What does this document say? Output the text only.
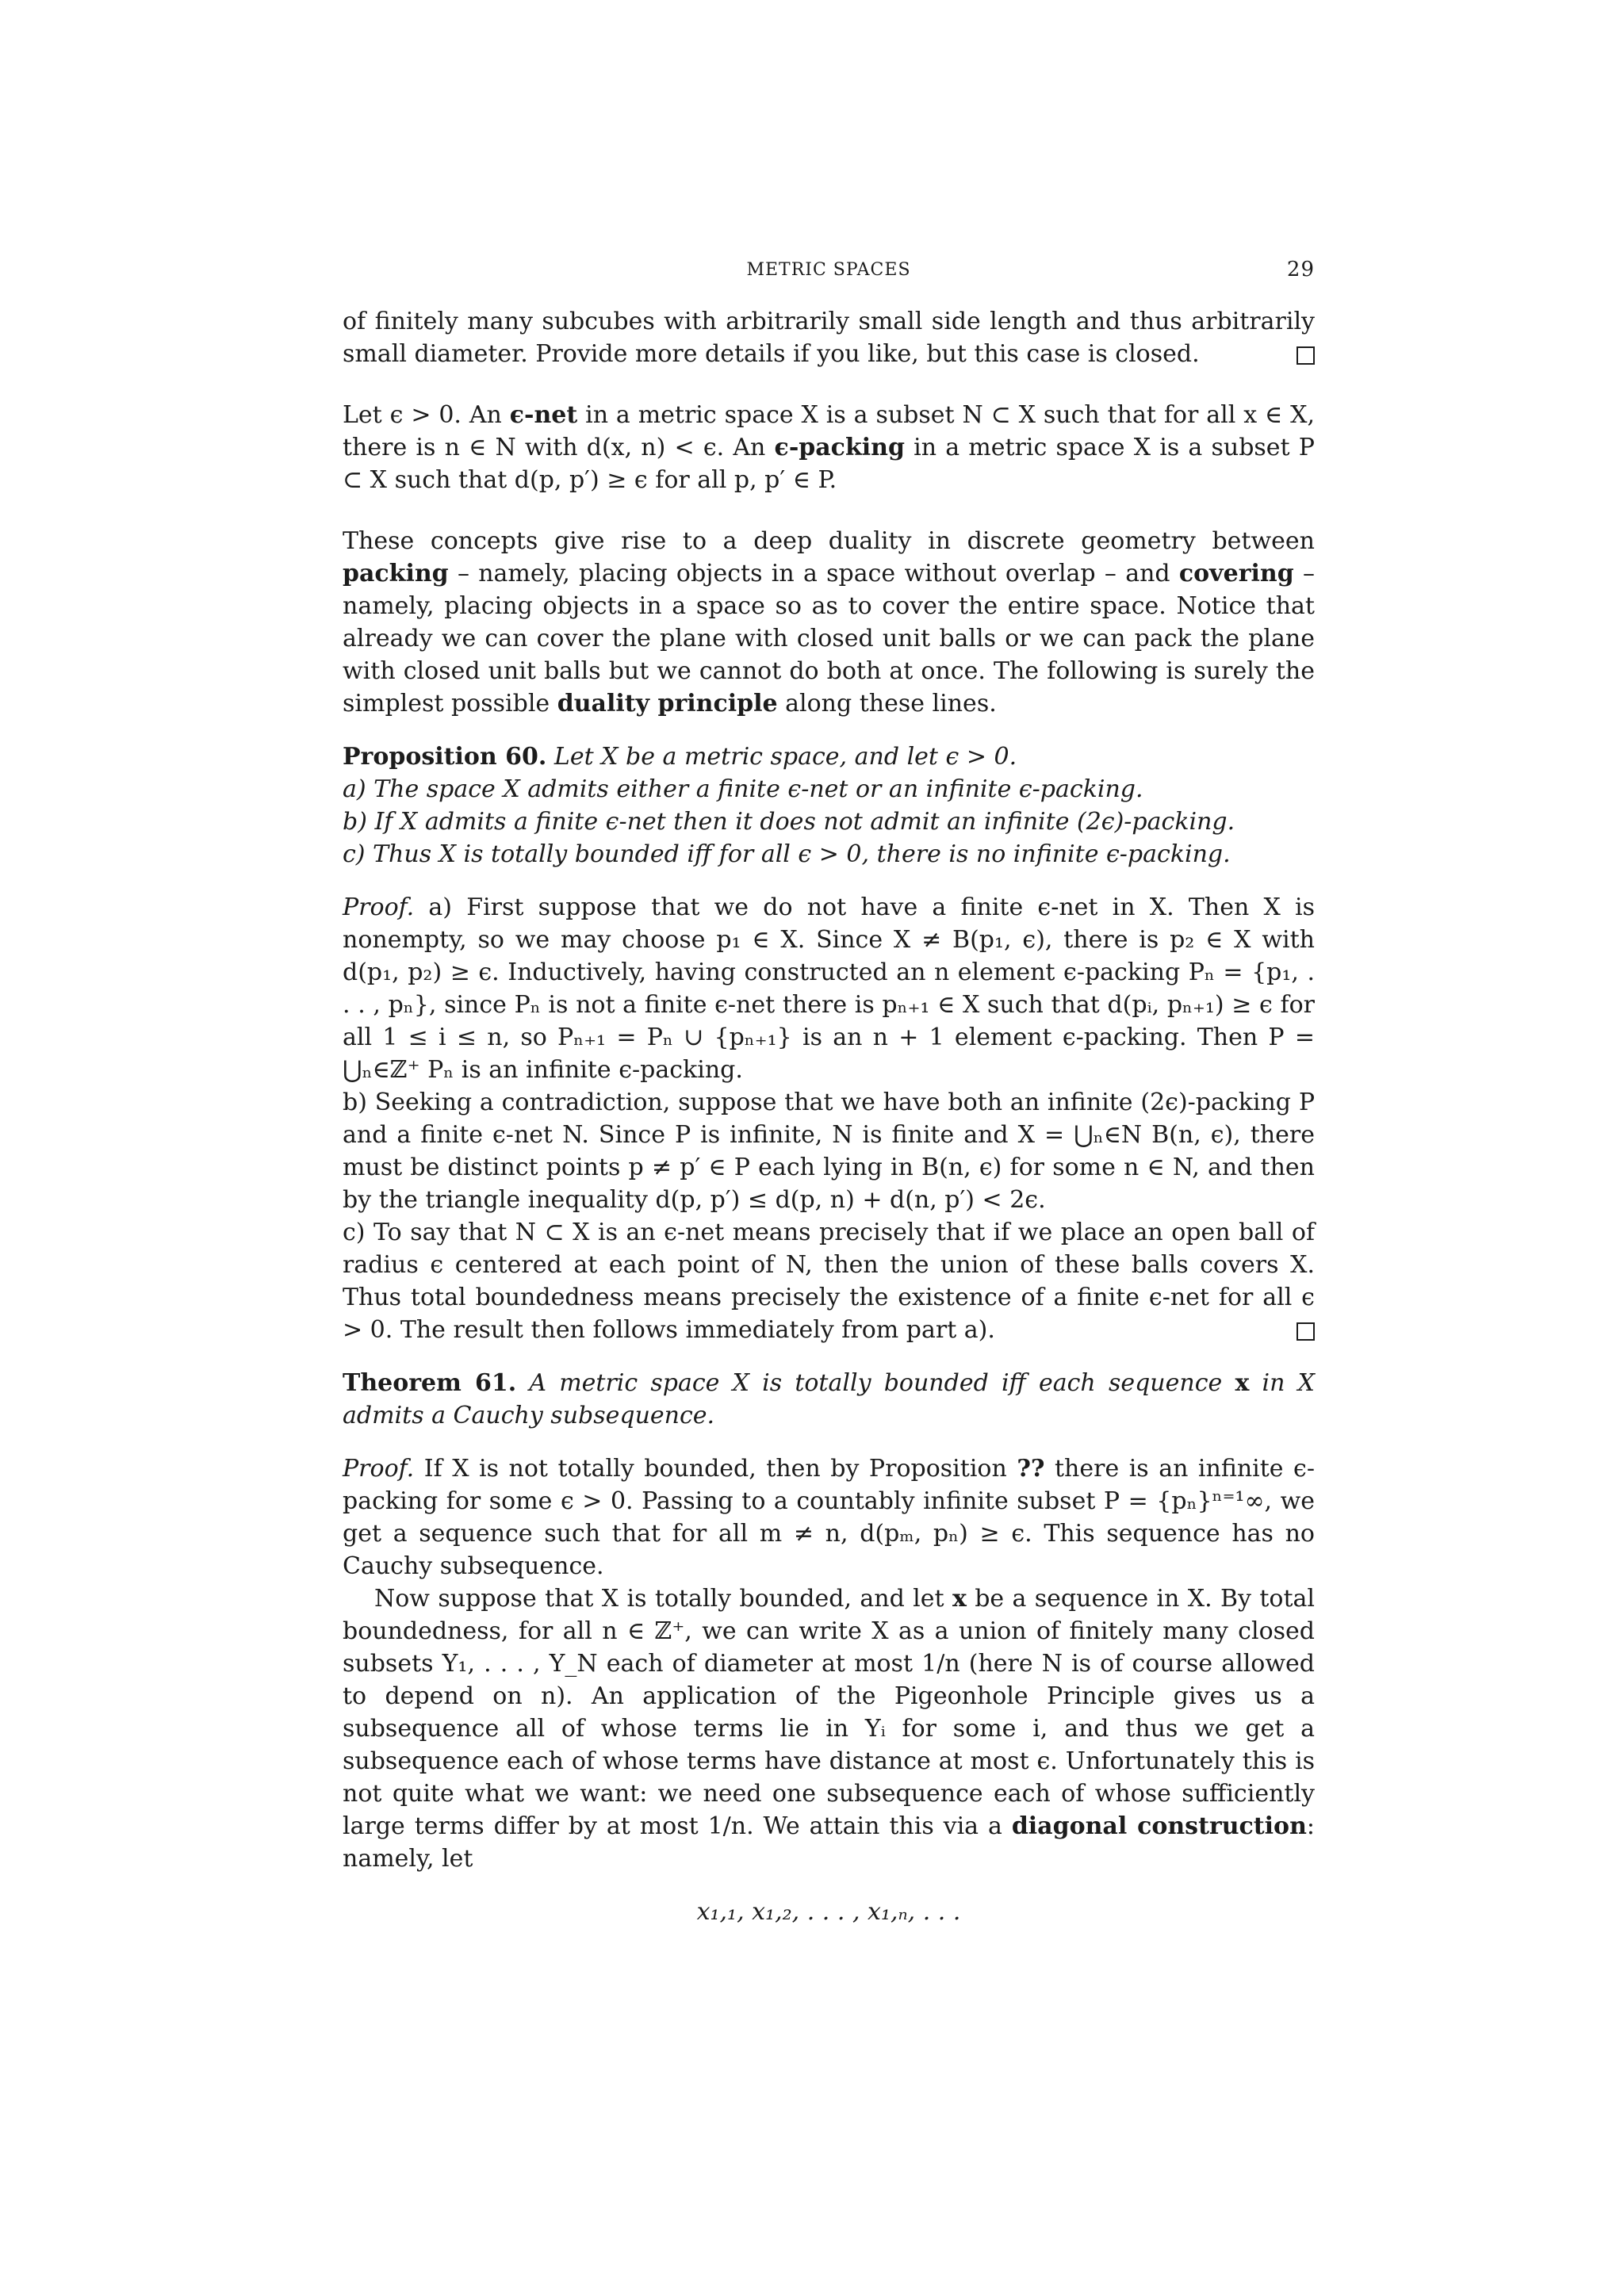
METRIC SPACES	29

of finitely many subcubes with arbitrarily small side length and thus arbitrarily small diameter. Provide more details if you like, but this case is closed.

Let ϵ > 0. An ϵ-net in a metric space X is a subset N ⊂ X such that for all x ∈ X, there is n ∈ N with d(x, n) < ϵ. An ϵ-packing in a metric space X is a subset P ⊂ X such that d(p, p′) ≥ ϵ for all p, p′ ∈ P.

These concepts give rise to a deep duality in discrete geometry between packing – namely, placing objects in a space without overlap – and covering – namely, placing objects in a space so as to cover the entire space. Notice that already we can cover the plane with closed unit balls or we can pack the plane with closed unit balls but we cannot do both at once. The following is surely the simplest possible duality principle along these lines.

Proposition 60. Let X be a metric space, and let ϵ > 0.

a) The space X admits either a finite ϵ-net or an infinite ϵ-packing.

b) If X admits a finite ϵ-net then it does not admit an infinite (2ϵ)-packing.

c) Thus X is totally bounded iff for all ϵ > 0, there is no infinite ϵ-packing.

Proof. a) First suppose that we do not have a finite ϵ-net in X. Then X is nonempty, so we may choose p₁ ∈ X. Since X ≠ B(p₁, ϵ), there is p₂ ∈ X with d(p₁, p₂) ≥ ϵ. Inductively, having constructed an n element ϵ-packing Pₙ = {p₁, . . . , pₙ}, since Pₙ is not a finite ϵ-net there is pₙ₊₁ ∈ X such that d(pᵢ, pₙ₊₁) ≥ ϵ for all 1 ≤ i ≤ n, so Pₙ₊₁ = Pₙ ∪ {pₙ₊₁} is an n + 1 element ϵ-packing. Then P = ⋃ₙ∈ℤ⁺ Pₙ is an infinite ϵ-packing.

b) Seeking a contradiction, suppose that we have both an infinite (2ϵ)-packing P and a finite ϵ-net N. Since P is infinite, N is finite and X = ⋃ₙ∈N B(n, ϵ), there must be distinct points p ≠ p′ ∈ P each lying in B(n, ϵ) for some n ∈ N, and then by the triangle inequality d(p, p′) ≤ d(p, n) + d(n, p′) < 2ϵ.

c) To say that N ⊂ X is an ϵ-net means precisely that if we place an open ball of radius ϵ centered at each point of N, then the union of these balls covers X. Thus total boundedness means precisely the existence of a finite ϵ-net for all ϵ > 0. The result then follows immediately from part a).

Theorem 61. A metric space X is totally bounded iff each sequence x in X admits a Cauchy subsequence.

Proof. If X is not totally bounded, then by Proposition ?? there is an infinite ϵ-packing for some ϵ > 0. Passing to a countably infinite subset P = {pₙ}ⁿ⁼¹∞, we get a sequence such that for all m ≠ n, d(pₘ, pₙ) ≥ ϵ. This sequence has no Cauchy subsequence.

Now suppose that X is totally bounded, and let x be a sequence in X. By total boundedness, for all n ∈ ℤ⁺, we can write X as a union of finitely many closed subsets Y₁, . . . , Y_N each of diameter at most 1/n (here N is of course allowed to depend on n). An application of the Pigeonhole Principle gives us a subsequence all of whose terms lie in Yᵢ for some i, and thus we get a subsequence each of whose terms have distance at most ϵ. Unfortunately this is not quite what we want: we need one subsequence each of whose sufficiently large terms differ by at most 1/n. We attain this via a diagonal construction: namely, let

x₁,₁, x₁,₂, . . . , x₁,ₙ, . . .
